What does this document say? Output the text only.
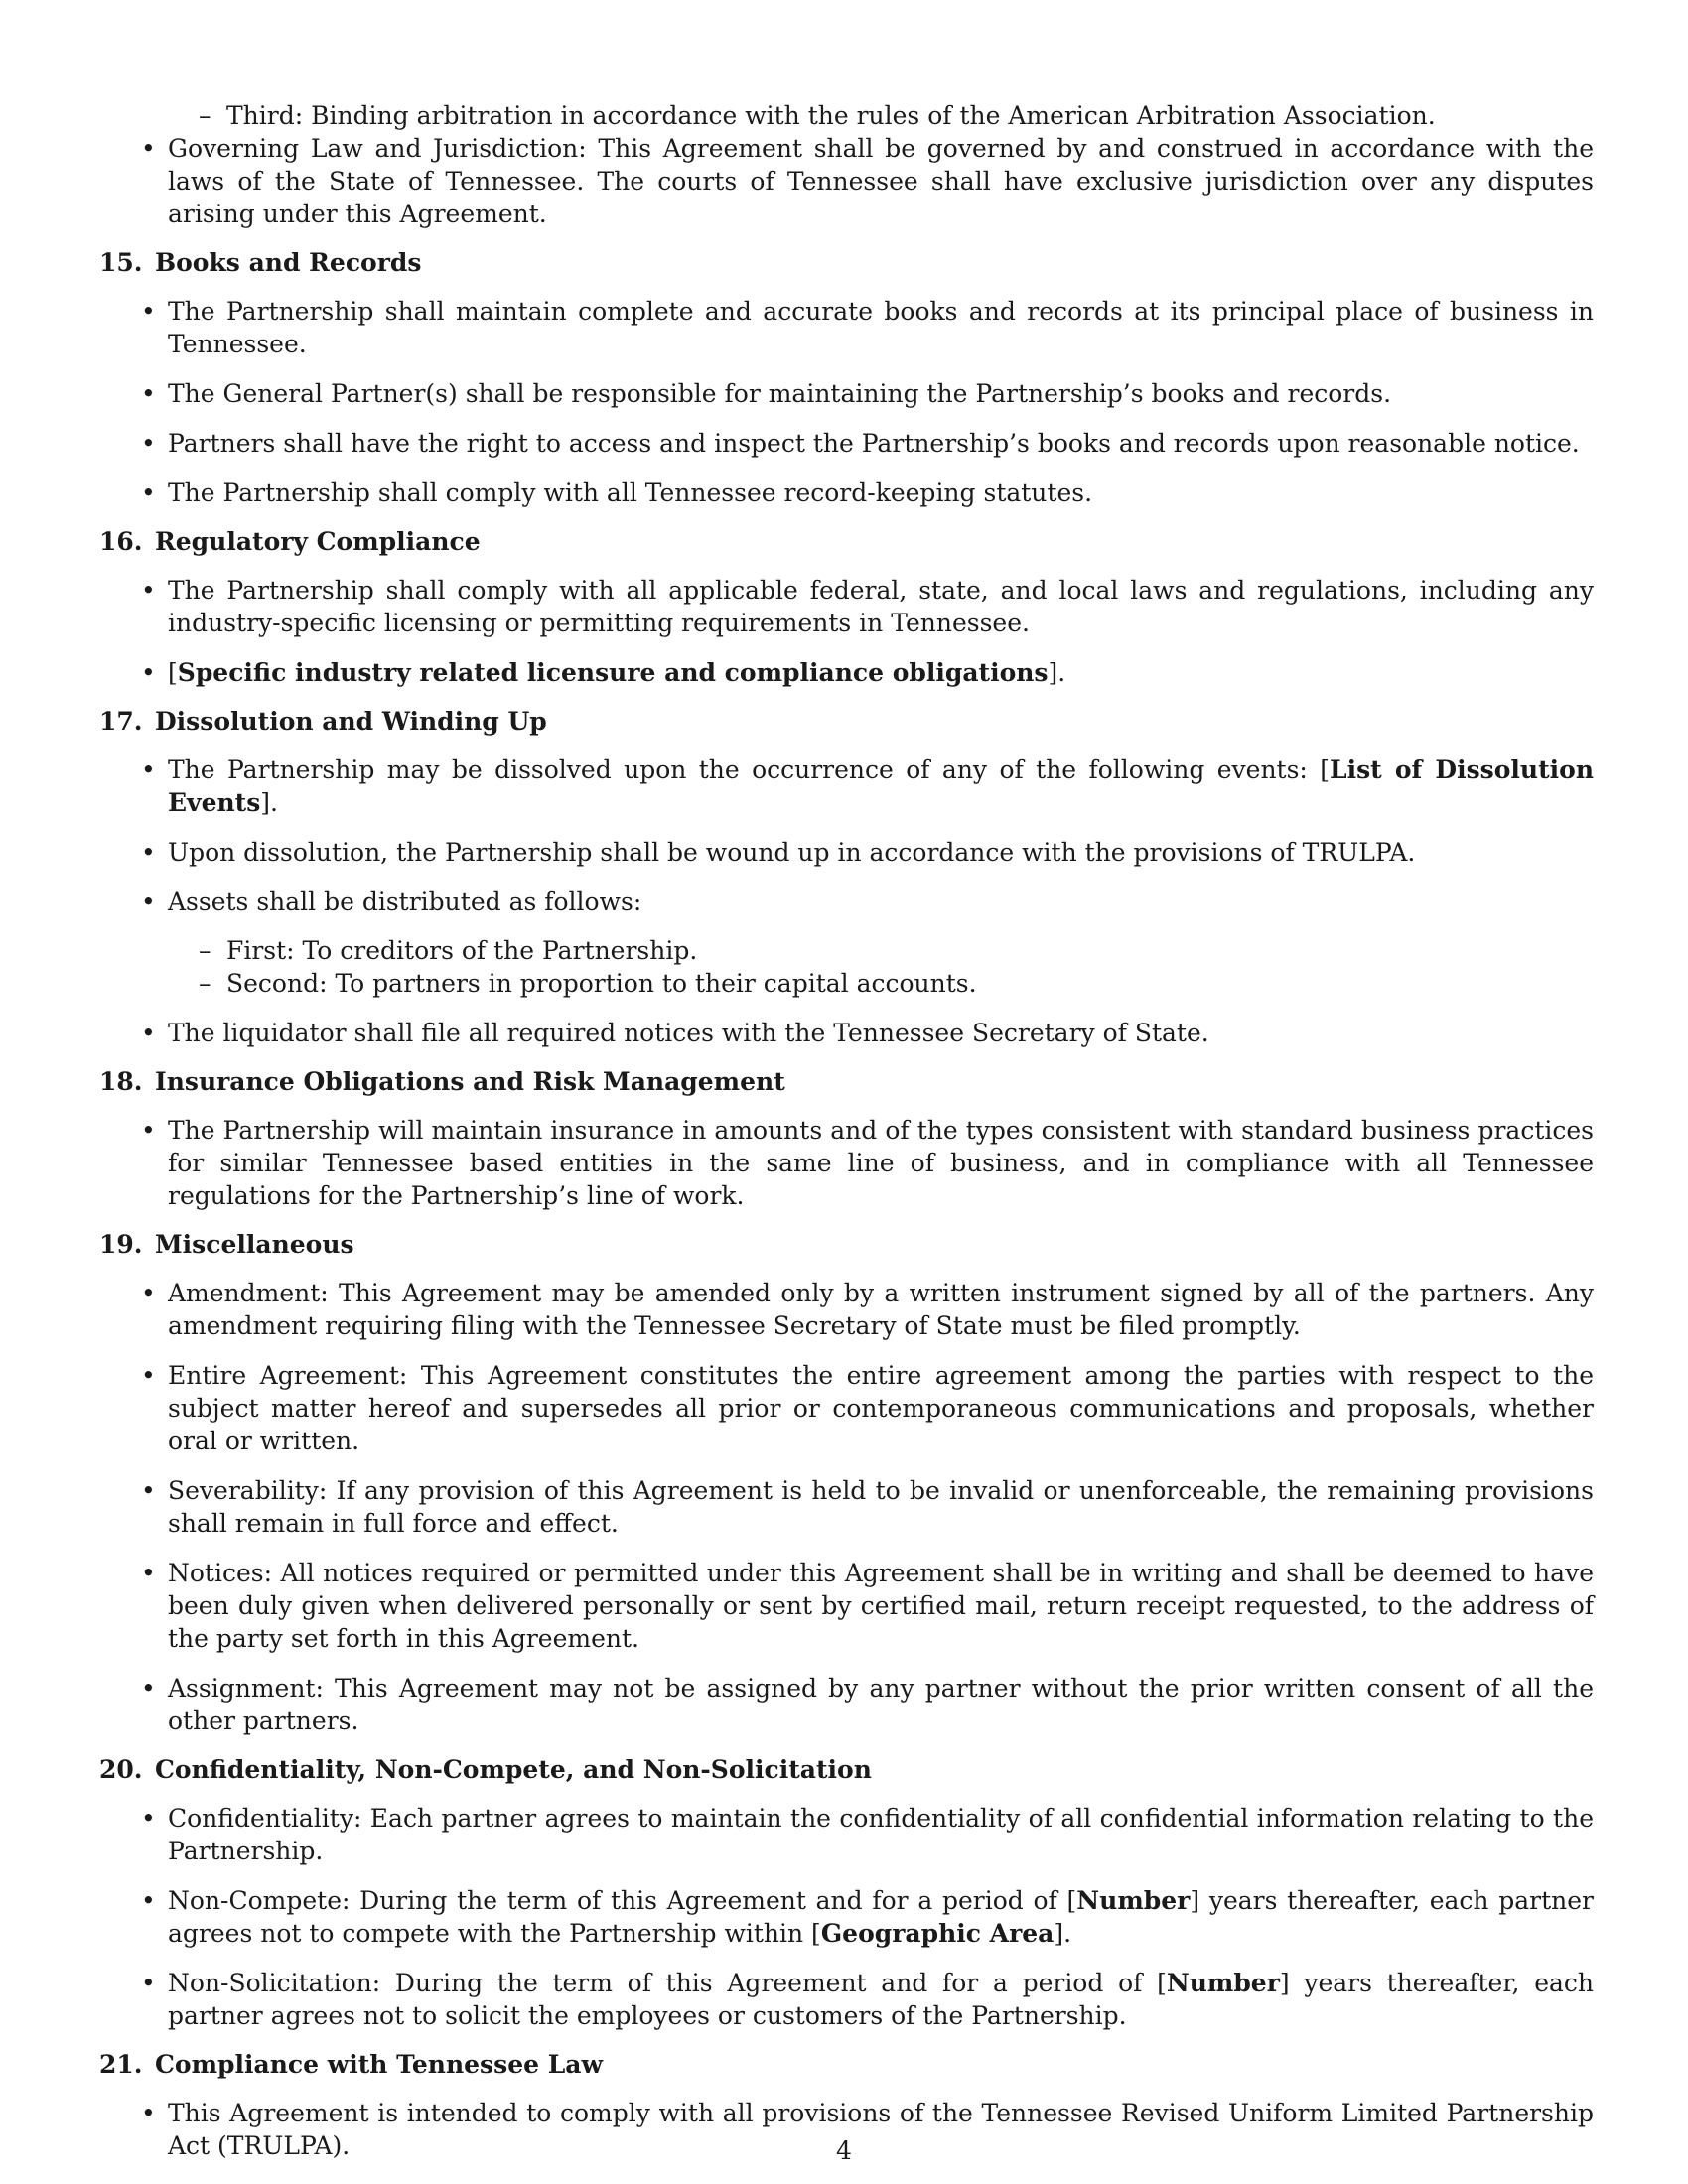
– Third: Binding arbitration in accordance with the rules of the American Arbitration Association.

• Governing Law and Jurisdiction: This Agreement shall be governed by and construed in accordance with the laws of the State of Tennessee. The courts of Tennessee shall have exclusive jurisdiction over any disputes arising under this Agreement.

15. Books and Records

• The Partnership shall maintain complete and accurate books and records at its principal place of business in Tennessee.

• The General Partner(s) shall be responsible for maintaining the Partnership’s books and records.

• Partners shall have the right to access and inspect the Partnership’s books and records upon reasonable notice.

• The Partnership shall comply with all Tennessee record-keeping statutes.

16. Regulatory Compliance

• The Partnership shall comply with all applicable federal, state, and local laws and regulations, including any industry-specific licensing or permitting requirements in Tennessee.

• [Specific industry related licensure and compliance obligations].

17. Dissolution and Winding Up

• The Partnership may be dissolved upon the occurrence of any of the following events: [List of Dissolution Events].

• Upon dissolution, the Partnership shall be wound up in accordance with the provisions of TRULPA.

• Assets shall be distributed as follows:

– First: To creditors of the Partnership.

– Second: To partners in proportion to their capital accounts.

• The liquidator shall file all required notices with the Tennessee Secretary of State.

18. Insurance Obligations and Risk Management

• The Partnership will maintain insurance in amounts and of the types consistent with standard business practices for similar Tennessee based entities in the same line of business, and in compliance with all Tennessee regulations for the Partnership’s line of work.

19. Miscellaneous

• Amendment: This Agreement may be amended only by a written instrument signed by all of the partners. Any amendment requiring filing with the Tennessee Secretary of State must be filed promptly.

• Entire Agreement: This Agreement constitutes the entire agreement among the parties with respect to the subject matter hereof and supersedes all prior or contemporaneous communications and proposals, whether oral or written.

• Severability: If any provision of this Agreement is held to be invalid or unenforceable, the remaining provisions shall remain in full force and effect.

• Notices: All notices required or permitted under this Agreement shall be in writing and shall be deemed to have been duly given when delivered personally or sent by certified mail, return receipt requested, to the address of the party set forth in this Agreement.

• Assignment: This Agreement may not be assigned by any partner without the prior written consent of all the other partners.

20. Confidentiality, Non-Compete, and Non-Solicitation

• Confidentiality: Each partner agrees to maintain the confidentiality of all confidential information relating to the Partnership.

• Non-Compete: During the term of this Agreement and for a period of [Number] years thereafter, each partner agrees not to compete with the Partnership within [Geographic Area].

• Non-Solicitation: During the term of this Agreement and for a period of [Number] years thereafter, each partner agrees not to solicit the employees or customers of the Partnership.

21. Compliance with Tennessee Law

• This Agreement is intended to comply with all provisions of the Tennessee Revised Uniform Limited Partnership Act (TRULPA).	4
